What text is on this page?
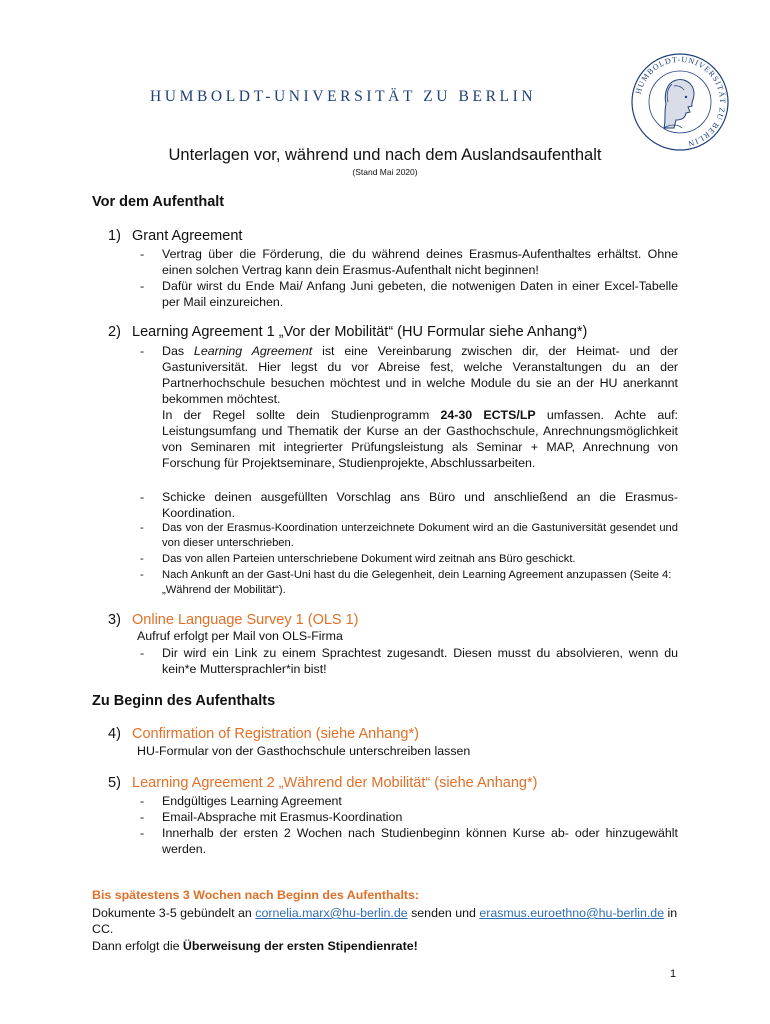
HUMBOLDT-UNIVERSITÄT ZU BERLIN	HUMBOLDT-UNIVERSITÄT ZU BERLIN
Unterlagen vor, während und nach dem Auslandsaufenthalt
(Stand Mai 2020)
Vor dem Aufenthalt
1) Grant Agreement
- Vertrag über die Förderung, die du während deines Erasmus-Aufenthaltes erhältst. Ohne einen solchen Vertrag kann dein Erasmus-Aufenthalt nicht beginnen!
- Dafür wirst du Ende Mai/ Anfang Juni gebeten, die notwenigen Daten in einer Excel-Tabelle per Mail einzureichen.
2) Learning Agreement 1 „Vor der Mobilität“ (HU Formular siehe Anhang*)
- Das Learning Agreement ist eine Vereinbarung zwischen dir, der Heimat- und der Gastuniversität. Hier legst du vor Abreise fest, welche Veranstaltungen du an der Partnerhochschule besuchen möchtest und in welche Module du sie an der HU anerkannt bekommen möchtest.
In der Regel sollte dein Studienprogramm 24-30 ECTS/LP umfassen. Achte auf: Leistungsumfang und Thematik der Kurse an der Gasthochschule, Anrechnungsmöglichkeit von Seminaren mit integrierter Prüfungsleistung als Seminar + MAP, Anrechnung von Forschung für Projektseminare, Studienprojekte, Abschlussarbeiten.
- Schicke deinen ausgefüllten Vorschlag ans Büro und anschließend an die Erasmus-Koordination.
- Das von der Erasmus-Koordination unterzeichnete Dokument wird an die Gastuniversität gesendet und von dieser unterschrieben.
- Das von allen Parteien unterschriebene Dokument wird zeitnah ans Büro geschickt.
- Nach Ankunft an der Gast-Uni hast du die Gelegenheit, dein Learning Agreement anzupassen (Seite 4: „Während der Mobilität“).
3) Online Language Survey 1 (OLS 1)
Aufruf erfolgt per Mail von OLS-Firma
- Dir wird ein Link zu einem Sprachtest zugesandt. Diesen musst du absolvieren, wenn du kein*e Muttersprachler*in bist!
Zu Beginn des Aufenthalts
4) Confirmation of Registration (siehe Anhang*)
HU-Formular von der Gasthochschule unterschreiben lassen
5) Learning Agreement 2 „Während der Mobilität“ (siehe Anhang*)
- Endgültiges Learning Agreement
- Email-Absprache mit Erasmus-Koordination
- Innerhalb der ersten 2 Wochen nach Studienbeginn können Kurse ab- oder hinzugewählt werden.
Bis spätestens 3 Wochen nach Beginn des Aufenthalts:
Dokumente 3-5 gebündelt an cornelia.marx@hu-berlin.de senden und erasmus.euroethno@hu-berlin.de in CC.
Dann erfolgt die Überweisung der ersten Stipendienrate!
1
